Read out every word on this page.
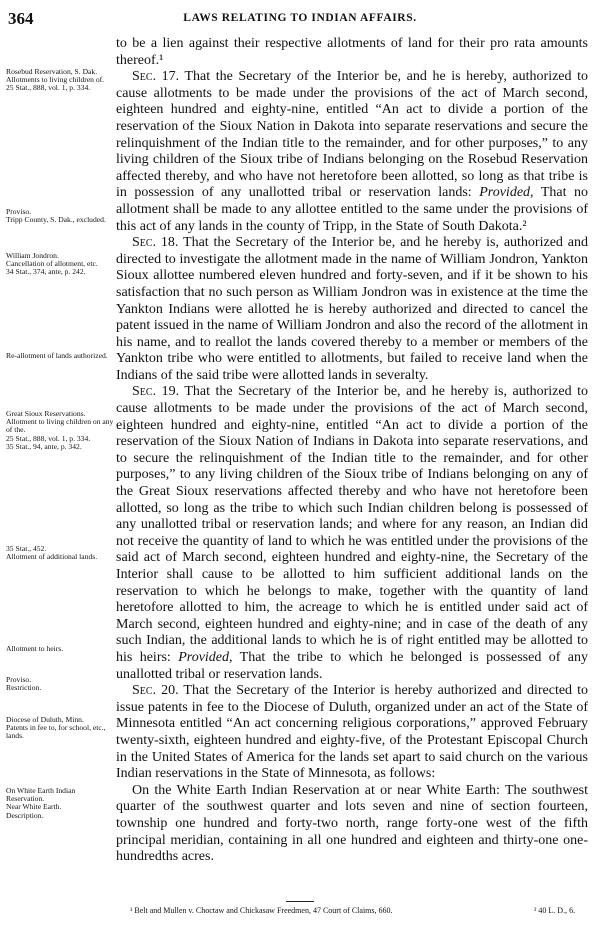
364	LAWS RELATING TO INDIAN AFFAIRS.
Rosebud Reservation, S. Dak.
Allotments to living children of.
25 Stat., 888, vol. 1, p. 334.
Proviso.
Tripp County, S. Dak., excluded.
William Jondron.
Cancellation of allotment, etc.
34 Stat., 374, ante, p. 242.
Re-allotment of lands authorized.
Great Sioux Reservations.
Allotment to living children on any of the.
25 Stat., 888, vol. 1, p. 334.
35 Stat., 94, ante, p. 342.
35 Stat., 452.
Allotment of additional lands.
Allotment to heirs.
Proviso.
Restriction.
Diocese of Duluth, Minn.
Patents in fee to, for school, etc., lands.
On White Earth Indian Reservation.
Near White Earth.
Description.

to be a lien against their respective allotments of land for their pro rata amounts thereof.¹

Sec. 17. That the Secretary of the Interior be, and he is hereby, authorized to cause allotments to be made under the provisions of the act of March second, eighteen hundred and eighty-nine, entitled “An act to divide a portion of the reservation of the Sioux Nation in Dakota into separate reservations and secure the relinquishment of the Indian title to the remainder, and for other purposes,” to any living children of the Sioux tribe of Indians belonging on the Rosebud Reservation affected thereby, and who have not heretofore been allotted, so long as that tribe is in possession of any unallotted tribal or reservation lands: Provided, That no allotment shall be made to any allottee entitled to the same under the provisions of this act of any lands in the county of Tripp, in the State of South Dakota.²

Sec. 18. That the Secretary of the Interior be, and he hereby is, authorized and directed to investigate the allotment made in the name of William Jondron, Yankton Sioux allottee numbered eleven hundred and forty-seven, and if it be shown to his satisfaction that no such person as William Jondron was in existence at the time the Yankton Indians were allotted he is hereby authorized and directed to cancel the patent issued in the name of William Jondron and also the record of the allotment in his name, and to reallot the lands covered thereby to a member or members of the Yankton tribe who were entitled to allotments, but failed to receive land when the Indians of the said tribe were allotted lands in severalty.

Sec. 19. That the Secretary of the Interior be, and he hereby is, authorized to cause allotments to be made under the provisions of the act of March second, eighteen hundred and eighty-nine, entitled “An act to divide a portion of the reservation of the Sioux Nation of Indians in Dakota into separate reservations, and to secure the relinquishment of the Indian title to the remainder, and for other purposes,” to any living children of the Sioux tribe of Indians belonging on any of the Great Sioux reservations affected thereby and who have not heretofore been allotted, so long as the tribe to which such Indian children belong is possessed of any unallotted tribal or reservation lands; and where for any reason, an Indian did not receive the quantity of land to which he was entitled under the provisions of the said act of March second, eighteen hundred and eighty-nine, the Secretary of the Interior shall cause to be allotted to him sufficient additional lands on the reservation to which he belongs to make, together with the quantity of land heretofore allotted to him, the acreage to which he is entitled under said act of March second, eighteen hundred and eighty-nine; and in case of the death of any such Indian, the additional lands to which he is of right entitled may be allotted to his heirs: Provided, That the tribe to which he belonged is possessed of any unallotted tribal or reservation lands.

Sec. 20. That the Secretary of the Interior is hereby authorized and directed to issue patents in fee to the Diocese of Duluth, organized under an act of the State of Minnesota entitled “An act concerning religious corporations,” approved February twenty-sixth, eighteen hundred and eighty-five, of the Protestant Episcopal Church in the United States of America for the lands set apart to said church on the various Indian reservations in the State of Minnesota, as follows:

On the White Earth Indian Reservation at or near White Earth: The southwest quarter of the southwest quarter and lots seven and nine of section fourteen, township one hundred and forty-two north, range forty-one west of the fifth principal meridian, containing in all one hundred and eighteen and thirty-one one-hundredths acres.

¹ Belt and Mullen v. Choctaw and Chickasaw Freedmen, 47 Court of Claims, 660.	² 40 L. D., 6.
